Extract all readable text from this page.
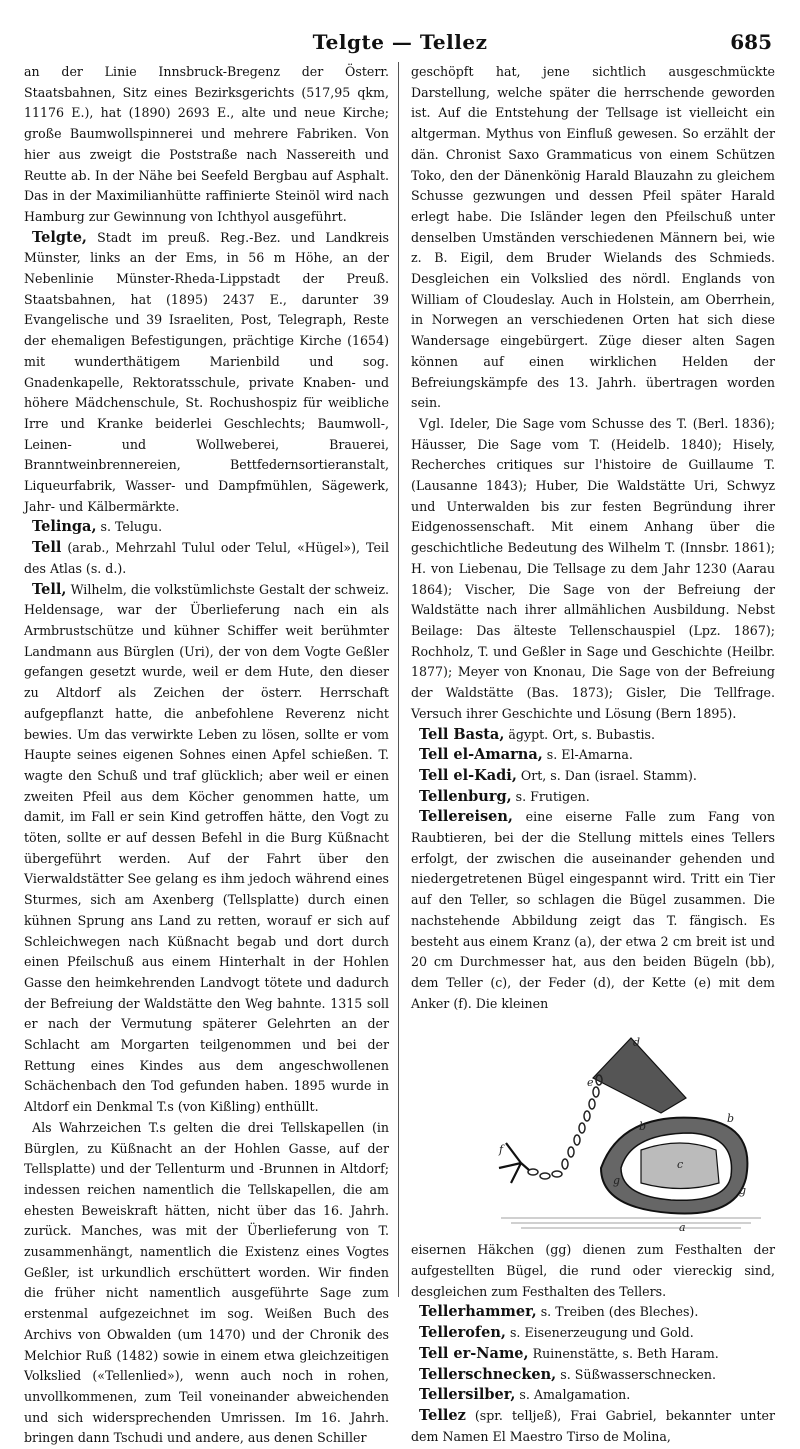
Telgte — Tellez	685

an der Linie Innsbruck-Bregenz der Österr. Staatsbahnen, Sitz eines Bezirksgerichts (517,95 qkm, 11176 E.), hat (1890) 2693 E., alte und neue Kirche; große Baumwollspinnerei und mehrere Fabriken. Von hier aus zweigt die Poststraße nach Nassereith und Reutte ab. In der Nähe bei Seefeld Bergbau auf Asphalt. Das in der Maximilianhütte raffinierte Steinöl wird nach Hamburg zur Gewinnung von Ichthyol ausgeführt.

Telgte, Stadt im preuß. Reg.-Bez. und Landkreis Münster, links an der Ems, in 56 m Höhe, an der Nebenlinie Münster-Rheda-Lippstadt der Preuß. Staatsbahnen, hat (1895) 2437 E., darunter 39 Evangelische und 39 Israeliten, Post, Telegraph, Reste der ehemaligen Befestigungen, prächtige Kirche (1654) mit wunderthätigem Marienbild und sog. Gnadenkapelle, Rektoratsschule, private Knaben- und höhere Mädchenschule, St. Rochushospiz für weibliche Irre und Kranke beiderlei Geschlechts; Baumwoll-, Leinen- und Wollweberei, Brauerei, Branntweinbrennereien, Bettfedernsortieranstalt, Liqueurfabrik, Wasser- und Dampfmühlen, Sägewerk, Jahr- und Kälbermärkte.

Telinga, s. Telugu.

Tell (arab., Mehrzahl Tulul oder Telul, «Hügel»), Teil des Atlas (s. d.).

Tell, Wilhelm, die volkstümlichste Gestalt der schweiz. Heldensage, war der Überlieferung nach ein als Armbrustschütze und kühner Schiffer weit berühmter Landmann aus Bürglen (Uri), der von dem Vogte Geßler gefangen gesetzt wurde, weil er dem Hute, den dieser zu Altdorf als Zeichen der österr. Herrschaft aufgepflanzt hatte, die anbefohlene Reverenz nicht bewies. Um das verwirkte Leben zu lösen, sollte er vom Haupte seines eigenen Sohnes einen Apfel schießen. T. wagte den Schuß und traf glücklich; aber weil er einen zweiten Pfeil aus dem Köcher genommen hatte, um damit, im Fall er sein Kind getroffen hätte, den Vogt zu töten, sollte er auf dessen Befehl in die Burg Küßnacht übergeführt werden. Auf der Fahrt über den Vierwaldstätter See gelang es ihm jedoch während eines Sturmes, sich am Axenberg (Tellsplatte) durch einen kühnen Sprung ans Land zu retten, worauf er sich auf Schleichwegen nach Küßnacht begab und dort durch einen Pfeilschuß aus einem Hinterhalt in der Hohlen Gasse den heimkehrenden Landvogt tötete und dadurch der Befreiung der Waldstätte den Weg bahnte. 1315 soll er nach der Vermutung späterer Gelehrten an der Schlacht am Morgarten teilgenommen und bei der Rettung eines Kindes aus dem angeschwollenen Schächenbach den Tod gefunden haben. 1895 wurde in Altdorf ein Denkmal T.s (von Kißling) enthüllt.

Als Wahrzeichen T.s gelten die drei Tellskapellen (in Bürglen, zu Küßnacht an der Hohlen Gasse, auf der Tellsplatte) und der Tellenturm und -Brunnen in Altdorf; indessen reichen namentlich die Tellskapellen, die am ehesten Beweiskraft hätten, nicht über das 16. Jahrh. zurück. Manches, was mit der Überlieferung von T. zusammenhängt, namentlich die Existenz eines Vogtes Geßler, ist urkundlich erschüttert worden. Wir finden die früher nicht namentlich ausgeführte Sage zum erstenmal aufgezeichnet im sog. Weißen Buch des Archivs von Obwalden (um 1470) und der Chronik des Melchior Ruß (1482) sowie in einem etwa gleichzeitigen Volkslied («Tellenlied»), wenn auch noch in rohen, unvollkommenen, zum Teil voneinander abweichenden und sich widersprechenden Umrissen. Im 16. Jahrh. bringen dann Tschudi und andere, aus denen Schiller

geschöpft hat, jene sichtlich ausgeschmückte Darstellung, welche später die herrschende geworden ist. Auf die Entstehung der Tellsage ist vielleicht ein altgerman. Mythus von Einfluß gewesen. So erzählt der dän. Chronist Saxo Grammaticus von einem Schützen Toko, den der Dänenkönig Harald Blauzahn zu gleichem Schusse gezwungen und dessen Pfeil später Harald erlegt habe. Die Isländer legen den Pfeilschuß unter denselben Umständen verschiedenen Männern bei, wie z. B. Eigil, dem Bruder Wielands des Schmieds. Desgleichen ein Volkslied des nördl. Englands von William of Cloudeslay. Auch in Holstein, am Oberrhein, in Norwegen an verschiedenen Orten hat sich diese Wandersage eingebürgert. Züge dieser alten Sagen können auf einen wirklichen Helden der Befreiungskämpfe des 13. Jahrh. übertragen worden sein.

Vgl. Ideler, Die Sage vom Schusse des T. (Berl. 1836); Häusser, Die Sage vom T. (Heidelb. 1840); Hisely, Recherches critiques sur l'histoire de Guillaume T. (Lausanne 1843); Huber, Die Waldstätte Uri, Schwyz und Unterwalden bis zur festen Begründung ihrer Eidgenossenschaft. Mit einem Anhang über die geschichtliche Bedeutung des Wilhelm T. (Innsbr. 1861); H. von Liebenau, Die Tellsage zu dem Jahr 1230 (Aarau 1864); Vischer, Die Sage von der Befreiung der Waldstätte nach ihrer allmählichen Ausbildung. Nebst Beilage: Das älteste Tellenschauspiel (Lpz. 1867); Rochholz, T. und Geßler in Sage und Geschichte (Heilbr. 1877); Meyer von Knonau, Die Sage von der Befreiung der Waldstätte (Bas. 1873); Gisler, Die Tellfrage. Versuch ihrer Geschichte und Lösung (Bern 1895).

Tell Basta, ägypt. Ort, s. Bubastis.

Tell el-Amarna, s. El-Amarna.

Tell el-Kadi, Ort, s. Dan (israel. Stamm).

Tellenburg, s. Frutigen.

Tellereisen, eine eiserne Falle zum Fang von Raubtieren, bei der die Stellung mittels eines Tellers erfolgt, der zwischen die auseinander gehenden und niedergetretenen Bügel eingespannt wird. Tritt ein Tier auf den Teller, so schlagen die Bügel zusammen. Die nachstehende Abbildung zeigt das T. fängisch. Es besteht aus einem Kranz (a), der etwa 2 cm breit ist und 20 cm Durchmesser hat, aus den beiden Bügeln (bb), dem Teller (c), der Feder (d), der Kette (e) mit dem Anker (f). Die kleinen

d
e
b
b
f
c
g
g
a

eisernen Häkchen (gg) dienen zum Festhalten der aufgestellten Bügel, die rund oder viereckig sind, desgleichen zum Festhalten des Tellers.

Tellerhammer, s. Treiben (des Bleches).

Tellerofen, s. Eisenerzeugung und Gold.

Tell er-Name, Ruinenstätte, s. Beth Haram.

Tellerschnecken, s. Süßwasserschnecken.

Tellersilber, s. Amalgamation.

Tellez (spr. telljeß), Frai Gabriel, bekannter unter dem Namen El Maestro Tirso de Molina,
